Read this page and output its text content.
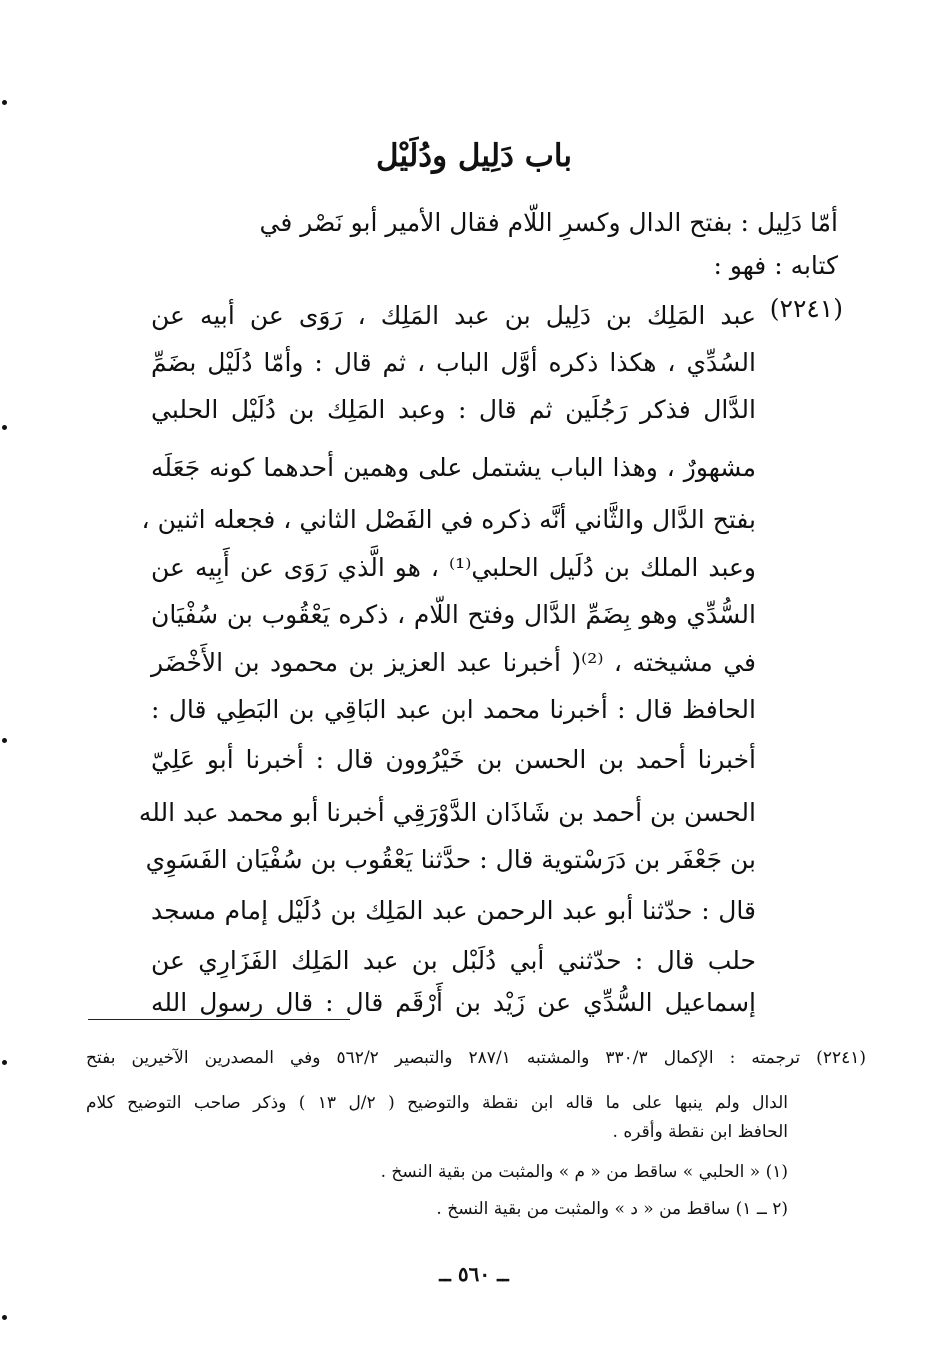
باب دَلِيل ودُلَيْل
أمّا دَلِيل : بفتح الدال وكسرِ اللّام فقال الأمير أبو نَصْر في
كتابه : فهو :
(٢٢٤١)
عبد المَلِك بن دَلِيل بن عبد المَلِك ، رَوَى عن أبيه عن
السُدِّي ، هكذا ذكره أوَّل الباب ، ثم قال : وأمّا دُلَيْل بضَمِّ
الدَّال فذكر رَجُلَين ثم قال : وعبد المَلِك بن دُلَيْل الحلبي
مشهورٌ ، وهذا الباب يشتمل على وهمين أحدهما كونه جَعَلَه
بفتح الدَّال والثَّاني أنَّه ذكره في الفَصْل الثاني ، فجعله اثنين ،
وعبد الملك بن دُلَيل الحلبي⁽¹⁾ ، هو الَّذي رَوَى عن أَبِيه عن
السُّدِّي وهو بِضَمِّ الدَّال وفتح اللّام ، ذكره يَعْقُوب بن سُفْيَان
في مشيخته ، ⁽²⁾( أخبرنا عبد العزيز بن محمود بن الأَخْضَر
الحافظ قال : أخبرنا محمد ابن عبد البَاقِي بن البَطِي قال :
أخبرنا أحمد بن الحسن بن خَيْرُوون قال : أخبرنا أبو عَلِيّ
الحسن بن أحمد بن شَاذَان الدَّوْرَقِي أخبرنا أبو محمد عبد الله
بن جَعْفَر بن دَرَسْتوية قال : حدَّثنا يَعْقُوب بن سُفْيَان الفَسَوِي
قال : حدّثنا أبو عبد الرحمن عبد المَلِك بن دُلَيْل إمام مسجد
حلب قال : حدّثني أبي دُلَبْل بن عبد المَلِك الفَزَارِي عن
إسماعيل السُّدِّي عن زَيْد بن أَرْقَم قال : قال رسول الله
(٢٢٤١) ترجمته : الإكمال ٣٣٠/٣ والمشتبه ٢٨٧/١ والتبصير ٥٦٢/٢ وفي المصدرين الآخيرين بفتح
الدال ولم ينبها على ما قاله ابن نقطة والتوضيح ( ٢/ل ١٣ ) وذكر صاحب التوضيح كلام
الحافظ ابن نقطة وأقره .
(١) « الحلبي » ساقط من « م » والمثبت من بقية النسخ .
(٢ ــ ١) ساقط من « د » والمثبت من بقية النسخ .
ــ ٥٦٠ ــ
